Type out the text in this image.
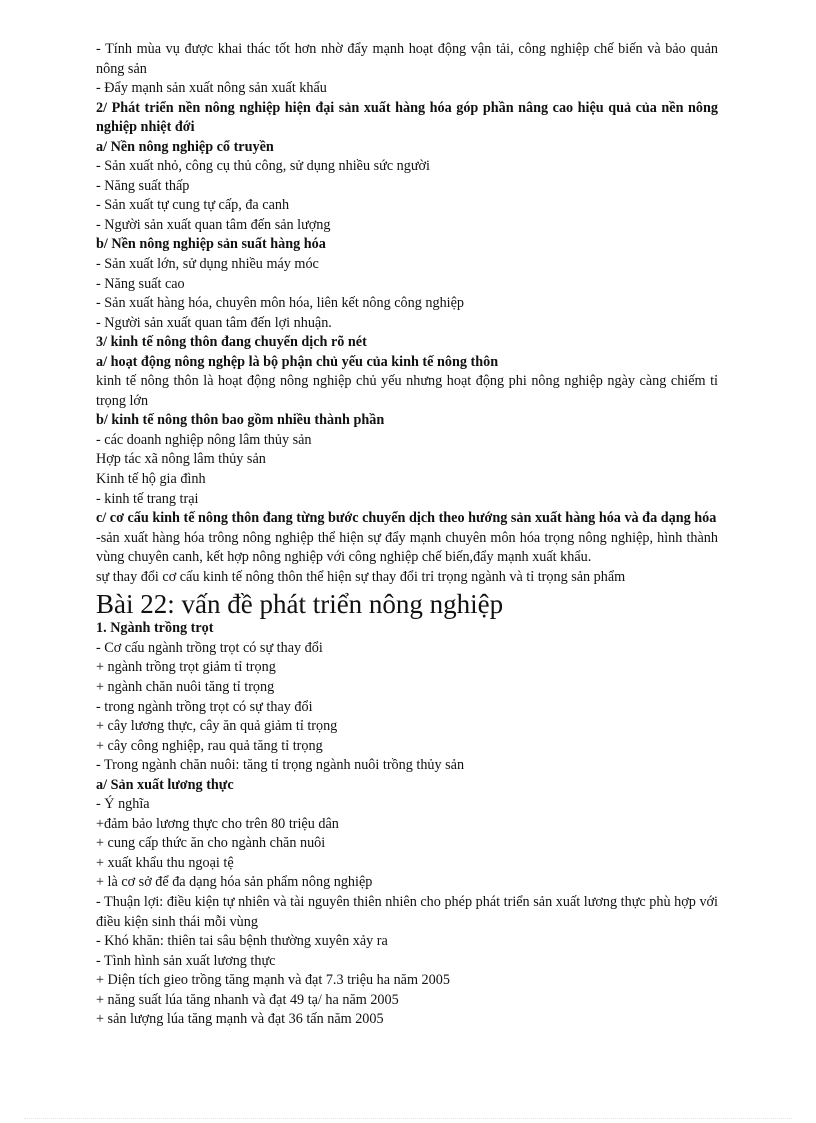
- Tính mùa vụ được khai thác tốt hơn nhờ đẩy mạnh hoạt động vận tải, công nghiệp chế biến và bảo quản nông sản
- Đẩy mạnh sản xuất nông sản xuất khẩu
2/ Phát triển nền nông nghiệp hiện đại sản xuất hàng hóa góp phần nâng cao hiệu quả của nền nông nghiệp nhiệt đới
a/ Nền nông nghiệp cổ truyền
- Sản xuất nhỏ, công cụ thủ công, sử dụng nhiều sức người
- Năng suất thấp
- Sản xuất tự cung tự cấp, đa canh
- Người sản xuất quan tâm đến sản lượng
b/ Nền nông nghiệp sản suất hàng hóa
- Sản xuất lớn, sử dụng nhiều máy móc
- Năng suất cao
- Sản xuất hàng hóa, chuyên môn hóa, liên kết nông công nghiệp
- Người sản xuất quan tâm đến lợi nhuận.
3/ kinh tế nông thôn đang chuyển dịch rõ nét
a/ hoạt động nông nghệp là bộ phận chủ yếu của kinh tế nông thôn
kinh tế nông thôn là hoạt động nông nghiệp chủ yếu nhưng hoạt động phi nông nghiệp ngày càng chiếm tỉ trọng lớn
b/ kinh tế nông thôn bao gồm nhiều thành phần
- các doanh nghiệp nông lâm thủy sản
Hợp tác xã nông lâm thủy sản
Kinh tế hộ gia đình
- kinh tế trang trại
c/ cơ cấu kinh tế nông thôn đang từng bước chuyển dịch theo hướng sản xuất hàng hóa và đa dạng hóa
-sản xuất hàng hóa trông nông nghiệp thể hiện sự đẩy mạnh chuyên môn hóa trọng nông nghiệp, hình thành vùng chuyên canh, kết hợp nông nghiệp với công nghiệp chế biến,đẩy mạnh xuất khẩu.
sự thay đổi cơ cấu kinh tế nông thôn thể hiện sự thay đổi trỉ trọng ngành và tỉ trọng sản phẩm
Bài 22: vấn đề phát triển nông nghiệp
1. Ngành trồng trọt
- Cơ cấu ngành trồng trọt có sự thay đổi
+ ngành trồng trọt giảm tỉ trọng
+ ngành chăn nuôi tăng tỉ trọng
- trong ngành trồng trọt có sự thay đổi
+ cây lương thực, cây ăn quả giảm tỉ trọng
+ cây công nghiệp, rau quả tăng tỉ trọng
- Trong ngành chăn nuôi: tăng tỉ trọng ngành nuôi trồng thủy sản
a/ Sản xuất lương thực
- Ý nghĩa
+đảm bảo lương thực cho trên 80 triệu dân
+ cung cấp thức ăn cho ngành chăn nuôi
+ xuất khẩu thu ngoại tệ
+ là cơ sở để đa dạng hóa sản phẩm nông nghiệp
- Thuận lợi: điều kiện tự nhiên và tài nguyên thiên nhiên cho phép phát triển sản xuất lương thực phù hợp với điều kiện sinh thái mỗi vùng
- Khó khăn: thiên tai sâu bệnh thường xuyên xảy ra
- Tình hình sản xuất lương thực
+ Diện tích gieo trồng tăng mạnh và đạt 7.3 triệu ha năm 2005
+ năng suất lúa tăng nhanh và đạt 49 tạ/ ha năm 2005
+ sản lượng lúa tăng mạnh và đạt 36 tấn năm 2005
